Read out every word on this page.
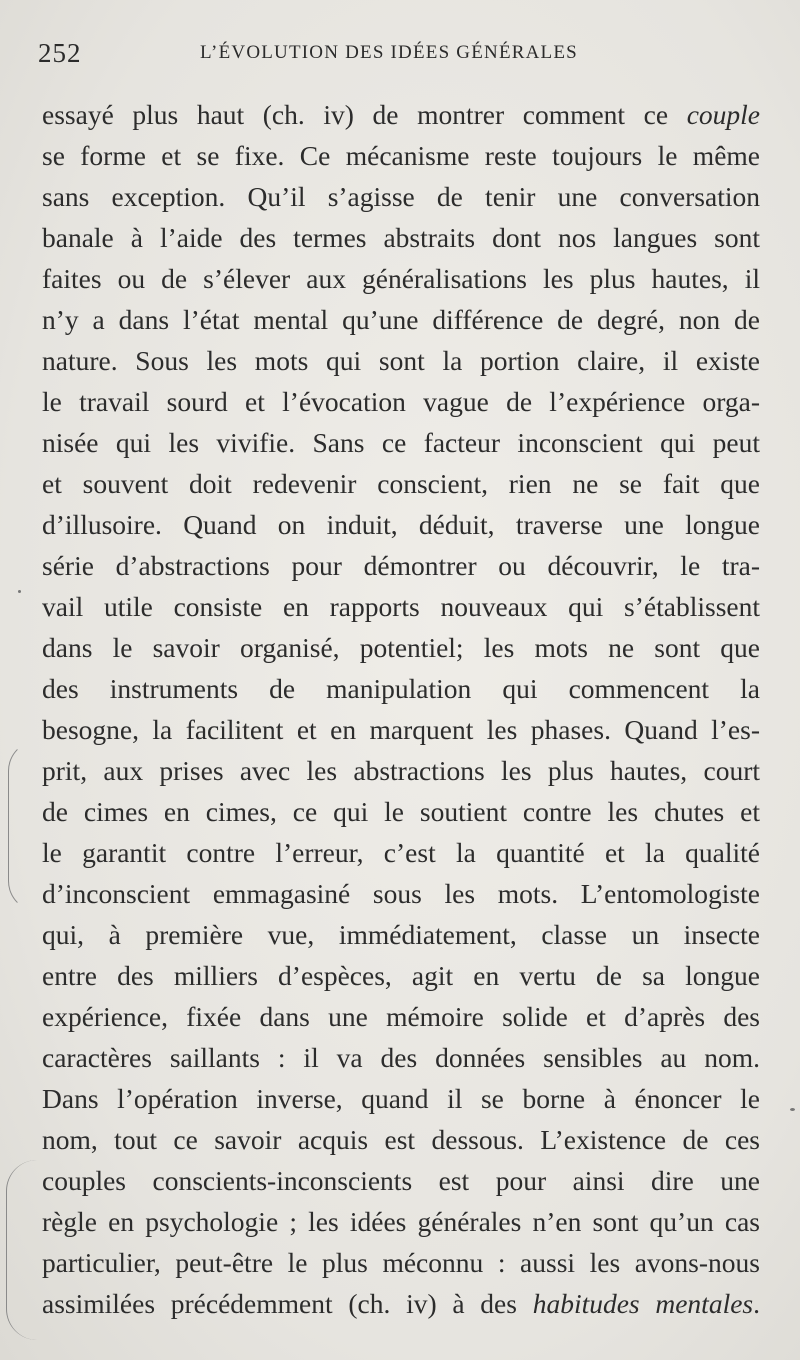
252	L’ÉVOLUTION DES IDÉES GÉNÉRALES
essayé plus haut (ch. iv) de montrer comment ce couple
se forme et se fixe. Ce mécanisme reste toujours le même
sans exception. Qu’il s’agisse de tenir une conversation
banale à l’aide des termes abstraits dont nos langues sont
faites ou de s’élever aux généralisations les plus hautes, il
n’y a dans l’état mental qu’une différence de degré, non de
nature. Sous les mots qui sont la portion claire, il existe
le travail sourd et l’évocation vague de l’expérience orga-
nisée qui les vivifie. Sans ce facteur inconscient qui peut
et souvent doit redevenir conscient, rien ne se fait que
d’illusoire. Quand on induit, déduit, traverse une longue
série d’abstractions pour démontrer ou découvrir, le tra-
vail utile consiste en rapports nouveaux qui s’établissent
dans le savoir organisé, potentiel; les mots ne sont que
des instruments de manipulation qui commencent la
besogne, la facilitent et en marquent les phases. Quand l’es-
prit, aux prises avec les abstractions les plus hautes, court
de cimes en cimes, ce qui le soutient contre les chutes et
le garantit contre l’erreur, c’est la quantité et la qualité
d’inconscient emmagasiné sous les mots. L’entomologiste
qui, à première vue, immédiatement, classe un insecte
entre des milliers d’espèces, agit en vertu de sa longue
expérience, fixée dans une mémoire solide et d’après des
caractères saillants : il va des données sensibles au nom.
Dans l’opération inverse, quand il se borne à énoncer le
nom, tout ce savoir acquis est dessous. L’existence de ces
couples conscients-inconscients est pour ainsi dire une
règle en psychologie ; les idées générales n’en sont qu’un cas
particulier, peut-être le plus méconnu : aussi les avons-nous
assimilées précédemment (ch. iv) à des habitudes mentales.
